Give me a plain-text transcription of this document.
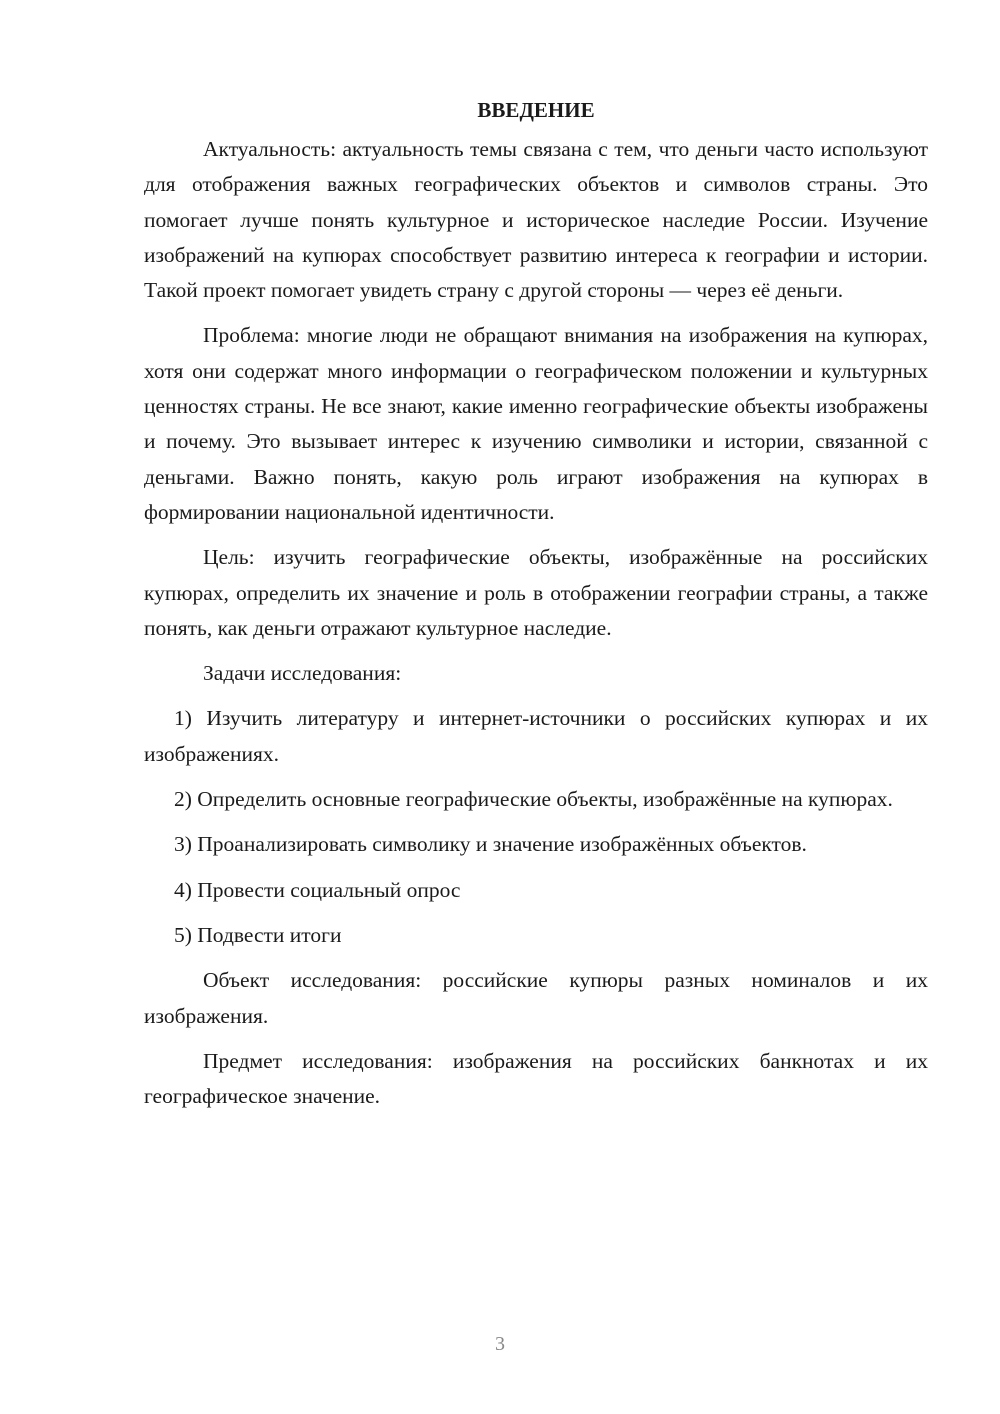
ВВЕДЕНИЕ

Актуальность: актуальность темы связана с тем, что деньги часто используют для отображения важных географических объектов и символов страны. Это помогает лучше понять культурное и историческое наследие России. Изучение изображений на купюрах способствует развитию интереса к географии и истории. Такой проект помогает увидеть страну с другой стороны — через её деньги.

Проблема: многие люди не обращают внимания на изображения на купюрах, хотя они содержат много информации о географическом положении и культурных ценностях страны. Не все знают, какие именно географические объекты изображены и почему. Это вызывает интерес к изучению символики и истории, связанной с деньгами. Важно понять, какую роль играют изображения на купюрах в формировании национальной идентичности.

Цель: изучить географические объекты, изображённые на российских купюрах, определить их значение и роль в отображении географии страны, а также понять, как деньги отражают культурное наследие.

Задачи исследования:

1) Изучить литературу и интернет-источники о российских купюрах и их изображениях.

2) Определить основные географические объекты, изображённые на купюрах.

3) Проанализировать символику и значение изображённых объектов.

4) Провести социальный опрос

5) Подвести итоги

Объект исследования: российские купюры разных номиналов и их изображения.

Предмет исследования: изображения на российских банкнотах и их географическое значение.

3
